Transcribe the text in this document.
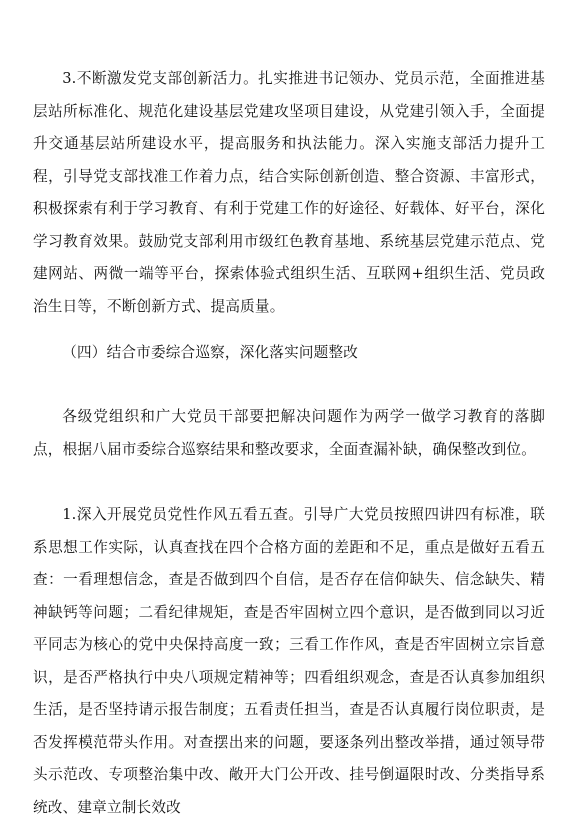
3.不断激发党支部创新活力。扎实推进书记领办、党员示范，全面推进基层站所标准化、规范化建设基层党建攻坚项目建设，从党建引领入手，全面提升交通基层站所建设水平，提高服务和执法能力。深入实施支部活力提升工程，引导党支部找准工作着力点，结合实际创新创造、整合资源、丰富形式，积极探索有利于学习教育、有利于党建工作的好途径、好载体、好平台，深化学习教育效果。鼓励党支部利用市级红色教育基地、系统基层党建示范点、党建网站、两微一端等平台，探索体验式组织生活、互联网+组织生活、党员政治生日等，不断创新方式、提高质量。

（四）结合市委综合巡察，深化落实问题整改

各级党组织和广大党员干部要把解决问题作为两学一做学习教育的落脚点，根据八届市委综合巡察结果和整改要求，全面查漏补缺，确保整改到位。

1.深入开展党员党性作风五看五查。引导广大党员按照四讲四有标准，联系思想工作实际，认真查找在四个合格方面的差距和不足，重点是做好五看五查：一看理想信念，查是否做到四个自信，是否存在信仰缺失、信念缺失、精神缺钙等问题；二看纪律规矩，查是否牢固树立四个意识，是否做到同以习近平同志为核心的党中央保持高度一致；三看工作作风，查是否牢固树立宗旨意识，是否严格执行中央八项规定精神等；四看组织观念，查是否认真参加组织生活，是否坚持请示报告制度；五看责任担当，查是否认真履行岗位职责，是否发挥模范带头作用。对查摆出来的问题，要逐条列出整改举措，通过领导带头示范改、专项整治集中改、敞开大门公开改、挂号倒逼限时改、分类指导系统改、建章立制长效改
